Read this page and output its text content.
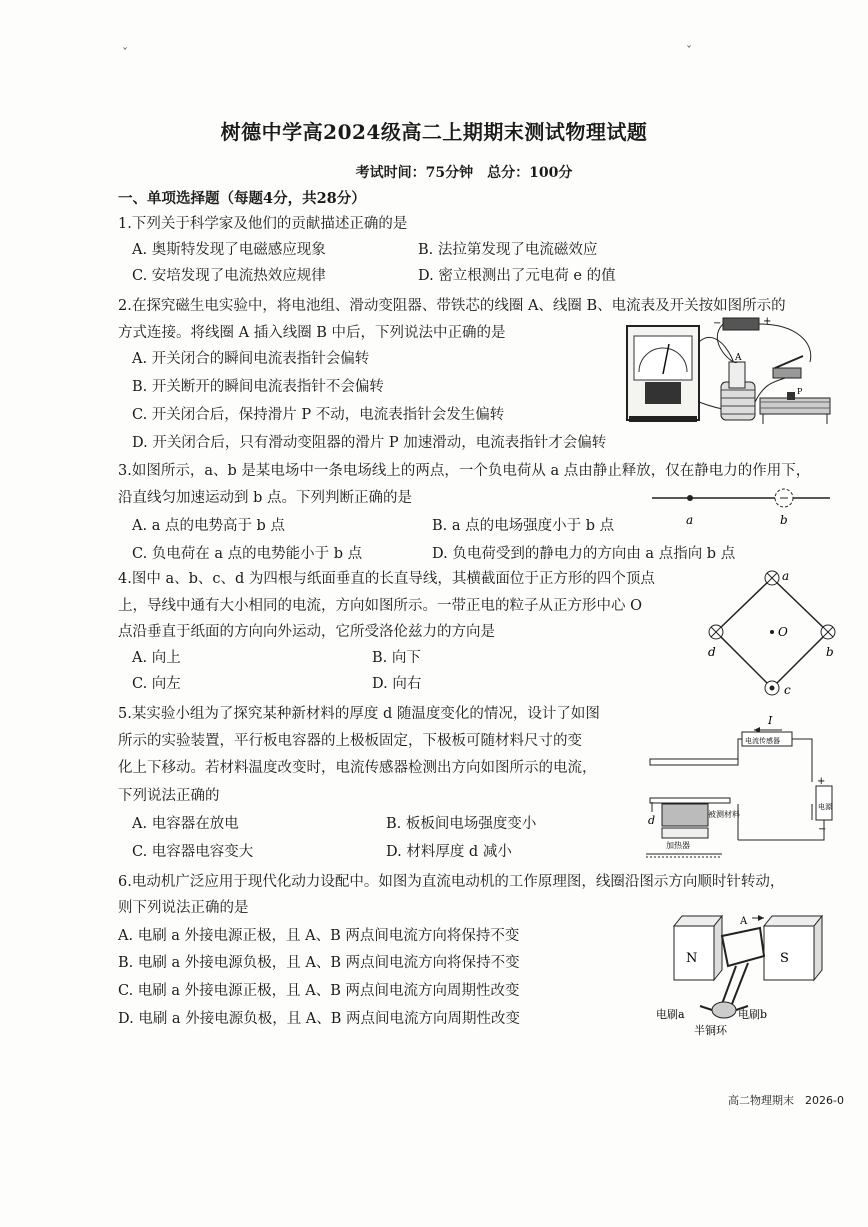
ˇ	ˇ
树德中学高2024级高二上期期末测试物理试题
考试时间：75分钟　总分：100分
一、单项选择题（每题4分，共28分）
1.下列关于科学家及他们的贡献描述正确的是
A. 奥斯特发现了电磁感应现象	B. 法拉第发现了电流磁效应
C. 安培发现了电流热效应规律	D. 密立根测出了元电荷 e 的值
2.在探究磁生电实验中，将电池组、滑动变阻器、带铁芯的线圈 A、线圈 B、电流表及开关按如图所示的
方式连接。将线圈 A 插入线圈 B 中后，下列说法中正确的是
A. 开关闭合的瞬间电流表指针会偏转
B. 开关断开的瞬间电流表指针不会偏转
C. 开关闭合后，保持滑片 P 不动，电流表指针会发生偏转
D. 开关闭合后，只有滑动变阻器的滑片 P 加速滑动，电流表指针才会偏转
A
−	+
P
3.如图所示，a、b 是某电场中一条电场线上的两点，一个负电荷从 a 点由静止释放，仅在静电力的作用下，
沿直线匀加速运动到 b 点。下列判断正确的是
A. a 点的电势高于 b 点	B. a 点的电场强度小于 b 点
C. 负电荷在 a 点的电势能小于 b 点	D. 负电荷受到的静电力的方向由 a 点指向 b 点
a	b
4.图中 a、b、c、d 为四根与纸面垂直的长直导线，其横截面位于正方形的四个顶点
上，导线中通有大小相同的电流，方向如图所示。一带正电的粒子从正方形中心 O
点沿垂直于纸面的方向向外运动，它所受洛伦兹力的方向是
A. 向上	B. 向下
C. 向左	D. 向右
a
b
c
d
O
5.某实验小组为了探究某种新材料的厚度 d 随温度变化的情况，设计了如图
所示的实验装置，平行板电容器的上极板固定，下极板可随材料尺寸的变
化上下移动。若材料温度改变时，电流传感器检测出方向如图所示的电流，
下列说法正确的
A. 电容器在放电	B. 板板间电场强度变小
C. 电容器电容变大	D. 材料厚度 d 减小
I
电流传感器
电源
+
−
被测材料
加热器
d
6.电动机广泛应用于现代化动力设配中。如图为直流电动机的工作原理图，线圈沿图示方向顺时针转动，
则下列说法正确的是
A. 电刷 a 外接电源正极，且 A、B 两点间电流方向将保持不变
B. 电刷 a 外接电源负极，且 A、B 两点间电流方向将保持不变
C. 电刷 a 外接电源正极，且 A、B 两点间电流方向周期性改变
D. 电刷 a 外接电源负极，且 A、B 两点间电流方向周期性改变
N	S
A
电刷a	电刷b
半铜环
高二物理期末　2026-0
